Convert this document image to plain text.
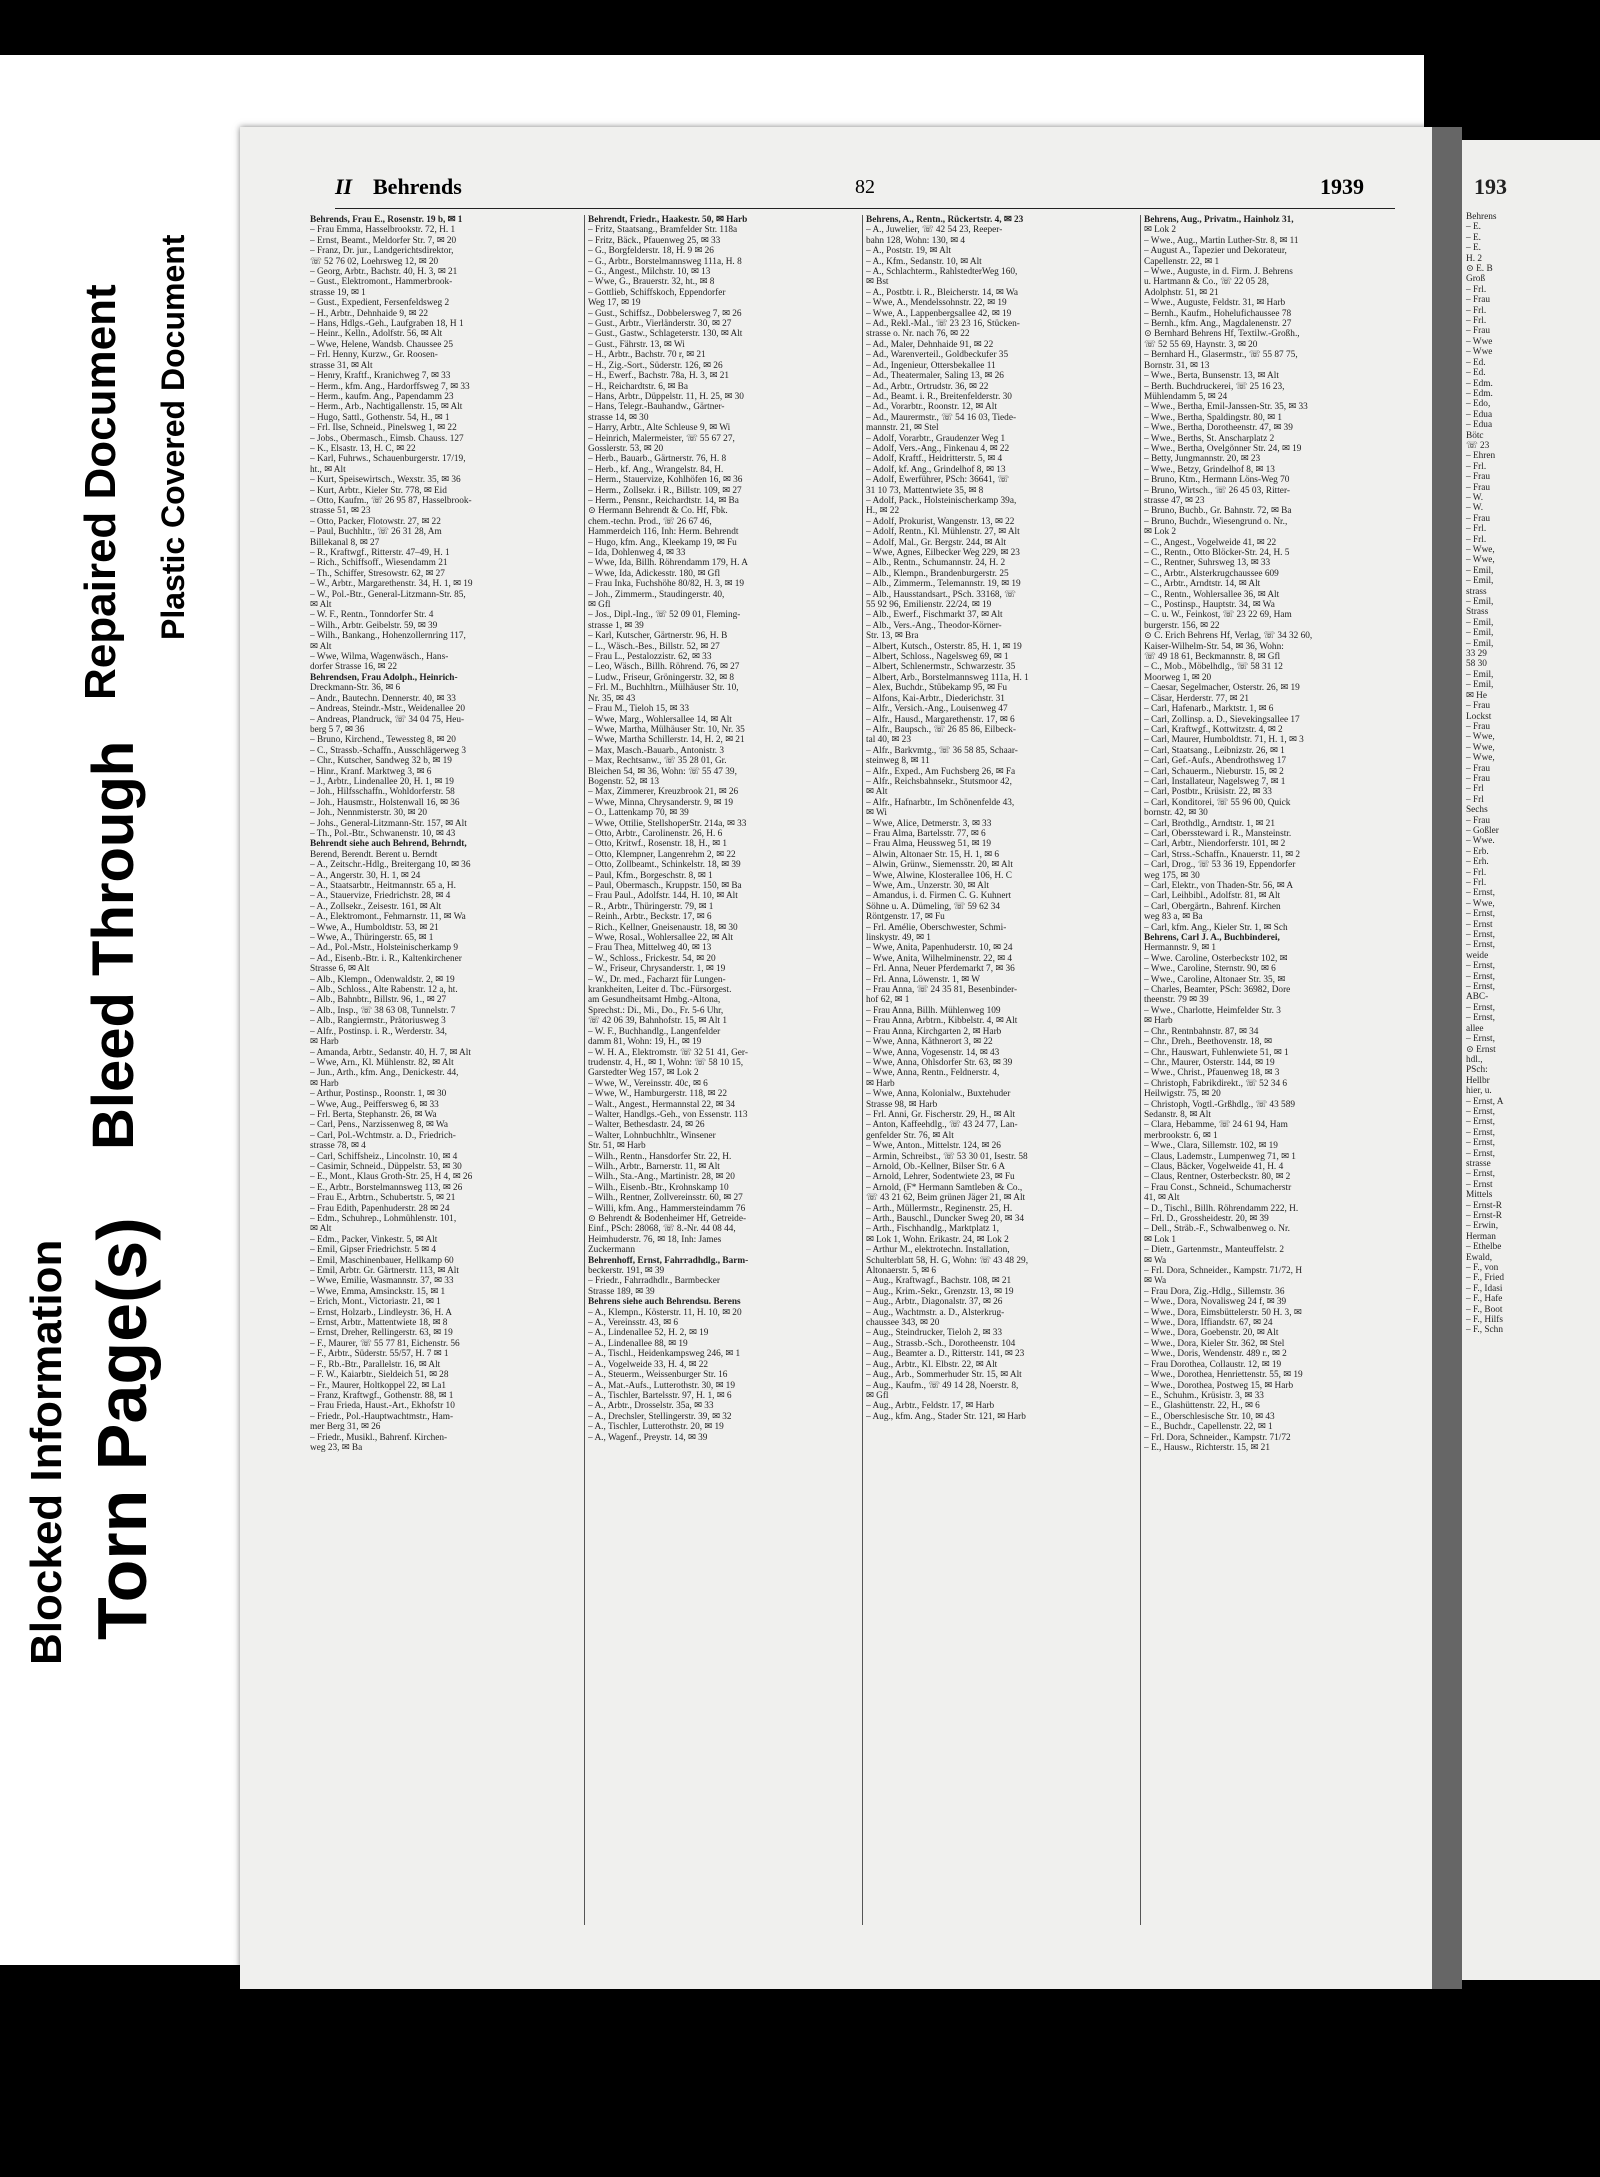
Blocked Information Torn Page(s)
Bleed Through
Repaired Document Plastic Covered Document
193
Behrens
– E.
– E.
– E.
H. 2
⊙ E. B
Groß
– Frl.
– Frau
– Frl.
– Frl.
– Frau
– Wwe
– Wwe
– Ed.
– Ed.
– Edm.
– Edm.
– Edo,
– Edua
– Edua
Bötc
☏ 23
– Ehren
– Frl.
– Frau
– Frau
– W.
– W.
– Frau
– Frl.
– Frl.
– Wwe,
– Wwe,
– Emil,
– Emil,
strass
– Emil,
Strass
– Emil,
– Emil,
– Emil,
33 29
58 30
– Emil,
– Emil,
✉ He
– Frau
Lockst
– Frau
– Wwe,
– Wwe,
– Wwe,
– Frau
– Frau
– Frl
– Frl
Sechs
– Frau
– Goßler
– Wwe.
– Erb.
– Erh.
– Frl.
– Frl.
– Ernst,
– Wwe,
– Ernst,
– Ernst
– Ernst,
– Ernst,
weide
– Ernst,
– Ernst,
– Ernst,
ABC-
– Ernst,
– Ernst,
allee
– Ernst,
⊙ Ernst
hdl.,
PSch:
Hellbr
hier, u.
– Ernst, A
– Ernst,
– Ernst,
– Ernst,
– Ernst,
– Ernst,
strasse
– Ernst,
– Ernst
Mittels
– Ernst-R
– Ernst-R
– Erwin,
Herman
– Ethelbe
Ewald,
– F., von
– F., Fried
– F., Idasi
– F., Hafe
– F., Boot
– F., Hilfs
– F., Schn
II Behrends	82	1939
Behrends, Frau E., Rosenstr. 19 b, ✉ 1
– Frau Emma, Hasselbrookstr. 72, H. 1
– Ernst, Beamt., Meldorfer Str. 7, ✉ 20
– Franz, Dr. jur., Landgerichtsdirektor,
☏ 52 76 02, Loehrsweg 12, ✉ 20
– Georg, Arbtr., Bachstr. 40, H. 3, ✉ 21
– Gust., Elektromont., Hammerbrook-
strasse 19, ✉ 1
– Gust., Expedient, Fersenfeldsweg 2
– H., Arbtr., Dehnhaide 9, ✉ 22
– Hans, Hdlgs.-Geh., Laufgraben 18, H 1
– Heinr., Kelln., Adolfstr. 56, ✉ Alt
– Wwe, Helene, Wandsb. Chaussee 25
– Frl. Henny, Kurzw., Gr. Roosen-
strasse 31, ✉ Alt
– Henry, Kraftf., Kranichweg 7, ✉ 33
– Herm., kfm. Ang., Hardorffsweg 7, ✉ 33
– Herm., kaufm. Ang., Papendamm 23
– Herm., Arb., Nachtigallenstr. 15, ✉ Alt
– Hugo, Sattl., Gothenstr. 54, H., ✉ 1
– Frl. Ilse, Schneid., Pinelsweg 1, ✉ 22
– Jobs., Obermasch., Eimsb. Chauss. 127
– K., Elsastr. 13, H. C, ✉ 22
– Karl, Fuhrws., Schauenburgerstr. 17/19,
ht., ✉ Alt
– Kurt, Speisewirtsch., Wexstr. 35, ✉ 36
– Kurt, Arbtr., Kieler Str. 778, ✉ Eid
– Otto, Kaufm., ☏ 26 95 87, Hasselbrook-
strasse 51, ✉ 23
– Otto, Packer, Flotowstr. 27, ✉ 22
– Paul, Buchhltr., ☏ 26 31 28, Am
Billekanal 8, ✉ 27
– R., Kraftwgf., Ritterstr. 47–49, H. 1
– Rich., Schiffsoff., Wiesendamm 21
– Th., Schiffer, Stresowstr. 62, ✉ 27
– W., Arbtr., Margarethenstr. 34, H. 1, ✉ 19
– W., Pol.-Btr., General-Litzmann-Str. 85,
✉ Alt
– W. F., Rentn., Tonndorfer Str. 4
– Wilh., Arbtr. Geibelstr. 59, ✉ 39
– Wilh., Bankang., Hohenzollernring 117,
✉ Alt
– Wwe, Wilma, Wagenwäsch., Hans-
dorfer Strasse 16, ✉ 22
Behrendsen, Frau Adolph., Heinrich-
Dreckmann-Str. 36, ✉ 6
– Andr., Bautechn. Dennerstr. 40, ✉ 33
– Andreas, Steindr.-Mstr., Weidenallee 20
– Andreas, Plandruck, ☏ 34 04 75, Heu-
berg 5 7, ✉ 36
– Bruno, Kirchend., Tewessteg 8, ✉ 20
– C., Strassb.-Schaffn., Ausschlägerweg 3
– Chr., Kutscher, Sandweg 32 b, ✉ 19
– Hinr., Kranf. Marktweg 3, ✉ 6
– J., Arbtr., Lindenallee 20, H. 1, ✉ 19
– Joh., Hilfsschaffn., Wohldorferstr. 58
– Joh., Hausmstr., Holstenwall 16, ✉ 36
– Joh., Nennmisterstr. 30, ✉ 20
– Johs., General-Litzmann-Str. 157, ✉ Alt
– Th., Pol.-Btr., Schwanenstr. 10, ✉ 43
Behrendt siehe auch Behrend, Behrndt,
Berend, Berendt. Berent u. Berndt
– A., Zeitschr.-Hdlg., Breitergang 10, ✉ 36
– A., Angerstr. 30, H. 1, ✉ 24
– A., Staatsarbtr., Heitmannstr. 65 a, H.
– A., Stauervize, Friedrichstr. 28, ✉ 4
– A., Zollsekr., Zeisestr. 161, ✉ Alt
– A., Elektromont., Fehmarnstr. 11, ✉ Wa
– Wwe, A., Humboldtstr. 53, ✉ 21
– Wwe, A., Thüringerstr. 65, ✉ 1
– Ad., Pol.-Mstr., Holsteinischerkamp 9
– Ad., Eisenb.-Btr. i. R., Kaltenkirchener
Strasse 6, ✉ Alt
– Alb., Klempn., Odenwaldstr. 2, ✉ 19
– Alb., Schloss., Alte Rabenstr. 12 a, ht.
– Alb., Bahnbtr., Billstr. 96, 1., ✉ 27
– Alb., Insp., ☏ 38 63 08, Tunnelstr. 7
– Alb., Rangiermstr., Prätoriusweg 3
– Alfr., Postinsp. i. R., Werderstr. 34,
✉ Harb
– Amanda, Arbtr., Sedanstr. 40, H. 7, ✉ Alt
– Wwe, Arn., Kl. Mühlenstr. 82, ✉ Alt
– Jun., Arth., kfm. Ang., Denickestr. 44,
✉ Harb
– Arthur, Postinsp., Roonstr. 1, ✉ 30
– Wwe, Aug., Peiffersweg 6, ✉ 33
– Frl. Berta, Stephanstr. 26, ✉ Wa
– Carl, Pens., Narzissenweg 8, ✉ Wa
– Carl, Pol.-Wchtmstr. a. D., Friedrich-
strasse 78, ✉ 4
– Carl, Schiffsheiz., Lincolnstr. 10, ✉ 4
– Casimir, Schneid., Düppelstr. 53, ✉ 30
– E., Mont., Klaus Groth-Str. 25, H 4, ✉ 26
– E., Arbtr., Borstelmannsweg 113, ✉ 26
– Frau E., Arbtrn., Schubertstr. 5, ✉ 21
– Frau Edith, Papenhuderstr. 28 ✉ 24
– Edm., Schuhrep., Lohmühlenstr. 101,
✉ Alt
– Edm., Packer, Vinkestr. 5, ✉ Alt
– Emil, Gipser Friedrichstr. 5 ✉ 4
– Emil, Maschinenbauer, Hellkamp 60
– Emil, Arbtr. Gr. Gärtnerstr. 113, ✉ Alt
– Wwe, Emilie, Wasmannstr. 37, ✉ 33
– Wwe, Emma, Amsinckstr. 15, ✉ 1
– Erich, Mont., Victoriastr. 21, ✉ 1
– Ernst, Holzarb., Lindleystr. 36, H. A
– Ernst, Arbtr., Mattentwiete 18, ✉ 8
– Ernst, Dreher, Rellingerstr. 63, ✉ 19
– F., Maurer, ☏ 55 77 81, Eichenstr. 56
– F., Arbtr., Süderstr. 55/57, H. 7 ✉ 1
– F., Rb.-Btr., Parallelstr. 16, ✉ Alt
– F. W., Kaiarbtr., Sieldeich 51, ✉ 28
– Fr., Maurer, Holtkoppel 22, ✉ La1
– Franz, Kraftwgf., Gothenstr. 88, ✉ 1
– Frau Frieda, Haust.-Art., Ekhofstr 10
– Friedr., Pol.-Hauptwachtmstr., Ham-
mer Berg 31, ✉ 26
– Friedr., Musikl., Bahrenf. Kirchen-
weg 23, ✉ Ba
Behrendt, Friedr., Haakestr. 50, ✉ Harb
– Fritz, Staatsang., Bramfelder Str. 118a
– Fritz, Bäck., Pfauenweg 25, ✉ 33
– G., Borgfelderstr. 18, H. 9 ✉ 26
– G., Arbtr., Borstelmannsweg 111a, H. 8
– G., Angest., Milchstr. 10, ✉ 13
– Wwe, G., Brauerstr. 32, ht., ✉ 8
– Gottlieb, Schiffskoch, Eppendorfer
Weg 17, ✉ 19
– Gust., Schiffsz., Dobbelersweg 7, ✉ 26
– Gust., Arbtr., Vierländerstr. 30, ✉ 27
– Gust., Gastw., Schlageterstr. 130, ✉ Alt
– Gust., Fährstr. 13, ✉ Wi
– H., Arbtr., Bachstr. 70 r, ✉ 21
– H., Zig.-Sort., Süderstr. 126, ✉ 26
– H., Ewerf., Bachstr. 78a, H. 3, ✉ 21
– H., Reichardtstr. 6, ✉ Ba
– Hans, Arbtr., Düppelstr. 11, H. 25, ✉ 30
– Hans, Telegr.-Bauhandw., Gärtner-
strasse 14, ✉ 30
– Harry, Arbtr., Alte Schleuse 9, ✉ Wi
– Heinrich, Malermeister, ☏ 55 67 27,
Gosslerstr. 53, ✉ 20
– Herb., Bauarb., Gärtnerstr. 76, H. 8
– Herb., kf. Ang., Wrangelstr. 84, H.
– Herm., Stauervize, Kohlhöfen 16, ✉ 36
– Herm., Zollsekr. i R., Billstr. 109, ✉ 27
– Herm., Pensnr., Reichardtstr. 14, ✉ Ba
⊙ Hermann Behrendt & Co. Hf, Fbk.
chem.-techn. Prod., ☏ 26 67 46,
Hammerdeich 116, Inh: Herm. Behrendt
– Hugo, kfm. Ang., Kleekamp 19, ✉ Fu
– Ida, Dohlenweg 4, ✉ 33
– Wwe, Ida, Billh. Röhrendamm 179, H. A
– Wwe, Ida, Adickesstr. 180, ✉ Gfl
– Frau Inka, Fuchshöhe 80/82, H. 3, ✉ 19
– Joh., Zimmerm., Staudingerstr. 40,
✉ Gfl
– Jos., Dipl.-Ing., ☏ 52 09 01, Fleming-
strasse 1, ✉ 39
– Karl, Kutscher, Gärtnerstr. 96, H. B
– L., Wäsch.-Bes., Billstr. 52, ✉ 27
– Frau L., Pestalozzistr. 62, ✉ 33
– Leo, Wäsch., Billh. Röhrend. 76, ✉ 27
– Ludw., Friseur, Gröningerstr. 32, ✉ 8
– Frl. M., Buchhltrn., Mülhäuser Str. 10,
Nr. 35, ✉ 43
– Frau M., Tieloh 15, ✉ 33
– Wwe, Marg., Wohlersallee 14, ✉ Alt
– Wwe, Martha, Mülhäuser Str. 10, Nr. 35
– Wwe, Martha Schillerstr. 14, H. 2, ✉ 21
– Max, Masch.-Bauarb., Antonistr. 3
– Max, Rechtsanw., ☏ 35 28 01, Gr.
Bleichen 54, ✉ 36, Wohn: ☏ 55 47 39,
Bogenstr. 52, ✉ 13
– Max, Zimmerer, Kreuzbrook 21, ✉ 26
– Wwe, Minna, Chrysanderstr. 9, ✉ 19
– O., Lattenkamp 70, ✉ 39
– Wwe, Ottilie, StellshoperStr. 214a, ✉ 33
– Otto, Arbtr., Carolinenstr. 26, H. 6
– Otto, Kritwf., Rosenstr. 18, H., ✉ 1
– Otto, Klempner, Langenrehm 2, ✉ 22
– Otto, Zollbeamt., Schinkelstr. 18, ✉ 39
– Paul, Kfm., Borgeschstr. 8, ✉ 1
– Paul, Obermasch., Kruppstr. 150, ✉ Ba
– Frau Paul., Adolfstr. 144, H. 10, ✉ Alt
– R., Arbtr., Thüringerstr. 79, ✉ 1
– Reinh., Arbtr., Beckstr. 17, ✉ 6
– Rich., Kellner, Gneisenaustr. 18, ✉ 30
– Wwe, Rosal., Wohlersallee 22, ✉ Alt
– Frau Thea, Mittelweg 40, ✉ 13
– W., Schloss., Frickestr. 54, ✉ 20
– W., Friseur, Chrysanderstr. 1, ✉ 19
– W., Dr. med., Facharzt für Lungen-
krankheiten, Leiter d. Tbc.-Fürsorgest.
am Gesundheitsamt Hmbg.-Altona,
Sprechst.: Di., Mi., Do., Fr. 5-6 Uhr,
☏ 42 06 39, Bahnhofstr. 15, ✉ Alt 1
– W. F., Buchhandlg., Langenfelder
damm 81, Wohn: 19, H., ✉ 19
– W. H. A., Elektromstr. ☏ 32 51 41, Ger-
trudenstr. 4, H., ✉ 1, Wohn: ☏ 58 10 15,
Garstedter Weg 157, ✉ Lok 2
– Wwe, W., Vereinsstr. 40c, ✉ 6
– Wwe, W., Hamburgerstr. 118, ✉ 22
– Walt., Angest., Hermannstal 22, ✉ 34
– Walter, Handlgs.-Geh., von Essenstr. 113
– Walter, Bethesdastr. 24, ✉ 26
– Walter, Lohnbuchhltr., Winsener
Str. 51, ✉ Harb
– Wilh., Rentn., Hansdorfer Str. 22, H.
– Wilh., Arbtr., Barnerstr. 11, ✉ Alt
– Wilh., Sta.-Ang., Martinistr. 28, ✉ 20
– Wilh., Eisenb.-Btr., Krohnskamp 10
– Wilh., Rentner, Zollvereinsstr. 60, ✉ 27
– Willi, kfm. Ang., Hammersteindamm 76
⊙ Behrendt & Bodenheimer Hf, Getreide-
Einf., PSch: 28068, ☏ 8.-Nr. 44 08 44,
Heimhuderstr. 76, ✉ 18, Inh: James
Zuckermann
Behrenhoff, Ernst, Fahrradhdlg., Barm-
beckerstr. 191, ✉ 39
– Friedr., Fahrradhdlr., Barmbecker
Strasse 189, ✉ 39
Behrens siehe auch Behrendsu. Berens
– A., Klempn., Kösterstr. 11, H. 10, ✉ 20
– A., Vereinsstr. 43, ✉ 6
– A., Lindenallee 52, H. 2, ✉ 19
– A., Lindenallee 88, ✉ 19
– A., Tischl., Heidenkampsweg 246, ✉ 1
– A., Vogelweide 33, H. 4, ✉ 22
– A., Steuerm., Weissenburger Str. 16
– A., Mat.-Aufs., Lutterothstr. 30, ✉ 19
– A., Tischler, Bartelsstr. 97, H. 1, ✉ 6
– A., Arbtr., Drosselstr. 35a, ✉ 33
– A., Drechsler, Stellingerstr. 39, ✉ 32
– A., Tischler, Lutterothstr. 20, ✉ 19
– A., Wagenf., Preystr. 14, ✉ 39
Behrens, A., Rentn., Rückertstr. 4, ✉ 23
– A., Juwelier, ☏ 42 54 23, Reeper-
bahn 128, Wohn: 130, ✉ 4
– A., Poststr. 19, ✉ Alt
– A., Kfm., Sedanstr. 10, ✉ Alt
– A., Schlachterm., RahlstedterWeg 160,
✉ Bst
– A., Postbtr. i. R., Bleicherstr. 14, ✉ Wa
– Wwe, A., Mendelssohnstr. 22, ✉ 19
– Wwe, A., Lappenbergsallee 42, ✉ 19
– Ad., Rekl.-Mal., ☏ 23 23 16, Stücken-
strasse o. Nr. nach 76, ✉ 22
– Ad., Maler, Dehnhaide 91, ✉ 22
– Ad., Warenverteil., Goldbeckufer 35
– Ad., Ingenieur, Ottersbekallee 11
– Ad., Theatermaler, Saling 13, ✉ 26
– Ad., Arbtr., Ortrudstr. 36, ✉ 22
– Ad., Beamt. i. R., Breitenfelderstr. 30
– Ad., Vorarbtr., Roonstr. 12, ✉ Alt
– Ad., Maurermstr., ☏ 54 16 03, Tiede-
mannstr. 21, ✉ Stel
– Adolf, Vorarbtr., Graudenzer Weg 1
– Adolf, Vers.-Ang., Finkenau 4, ✉ 22
– Adolf, Kraftf., Heidritterstr. 5, ✉ 4
– Adolf, kf. Ang., Grindelhof 8, ✉ 13
– Adolf, Ewerführer, PSch: 36641, ☏
31 10 73, Mattentwiete 35, ✉ 8
– Adolf, Pack., Holsteinischerkamp 39a,
H., ✉ 22
– Adolf, Prokurist, Wangenstr. 13, ✉ 22
– Adolf, Rentn., Kl. Mühlenstr. 27, ✉ Alt
– Adolf, Mal., Gr. Bergstr. 244, ✉ Alt
– Wwe, Agnes, Eilbecker Weg 229, ✉ 23
– Alb., Rentn., Schumannstr. 24, H. 2
– Alb., Klempn., Brandenburgerstr. 25
– Alb., Zimmerm., Telemannstr. 19, ✉ 19
– Alb., Hausstandsart., PSch. 33168, ☏
55 92 96, Emilienstr. 22/24, ✉ 19
– Alb., Ewerf., Fischmarkt 37, ✉ Alt
– Alb., Vers.-Ang., Theodor-Körner-
Str. 13, ✉ Bra
– Albert, Kutsch., Osterstr. 85, H. 1, ✉ 19
– Albert, Schloss., Nagelsweg 69, ✉ 1
– Albert, Schlenermstr., Schwarzestr. 35
– Albert, Arb., Borstelmannsweg 111a, H. 1
– Alex, Buchdr., Stübekamp 95, ✉ Fu
– Alfons, Kai-Arbtr., Diederichstr. 31
– Alfr., Versich.-Ang., Louisenweg 47
– Alfr., Hausd., Margarethenstr. 17, ✉ 6
– Alfr., Baupsch., ☏ 26 85 86, Eilbeck-
tal 40, ✉ 23
– Alfr., Barkvmtg., ☏ 36 58 85, Schaar-
steinweg 8, ✉ 11
– Alfr., Exped., Am Fuchsberg 26, ✉ Fa
– Alfr., Reichsbahnsekr., Stutsmoor 42,
✉ Alt
– Alfr., Hafnarbtr., Im Schönenfelde 43,
✉ Wi
– Wwe, Alice, Detmerstr. 3, ✉ 33
– Frau Alma, Bartelsstr. 77, ✉ 6
– Frau Alma, Heussweg 51, ✉ 19
– Alwin, Altonaer Str. 15, H. 1, ✉ 6
– Alwin, Grünw., Siemensstr. 20, ✉ Alt
– Wwe, Alwine, Klosterallee 106, H. C
– Wwe, Am., Unzerstr. 30, ✉ Alt
– Amandus, i. d. Firmen C. G. Kuhnert
Söhne u. A. Dümeling, ☏ 59 62 34
Röntgenstr. 17, ✉ Fu
– Frl. Amélie, Oberschwester, Schmi-
linskystr. 49, ✉ 1
– Wwe, Anita, Papenhuderstr. 10, ✉ 24
– Wwe, Anita, Wilhelminenstr. 22, ✉ 4
– Frl. Anna, Neuer Pferdemarkt 7, ✉ 36
– Frl. Anna, Löwenstr. 1, ✉ W
– Frau Anna, ☏ 24 35 81, Besenbinder-
hof 62, ✉ 1
– Frau Anna, Billh. Mühlenweg 109
– Frau Anna, Arbtrn., Kibbelstr. 4, ✉ Alt
– Frau Anna, Kirchgarten 2, ✉ Harb
– Wwe, Anna, Käthnerort 3, ✉ 22
– Wwe, Anna, Vogesenstr. 14, ✉ 43
– Wwe, Anna, Ohlsdorfer Str. 63, ✉ 39
– Wwe, Anna, Rentn., Feldnerstr. 4,
✉ Harb
– Wwe, Anna, Kolonialw., Buxtehuder
Strasse 98, ✉ Harb
– Frl. Anni, Gr. Fischerstr. 29, H., ✉ Alt
– Anton, Kaffeehdlg., ☏ 43 24 77, Lan-
genfelder Str. 76, ✉ Alt
– Wwe, Anton., Mittelstr. 124, ✉ 26
– Armin, Schreibst., ☏ 53 30 01, Isestr. 58
– Arnold, Ob.-Kellner, Bilser Str. 6 A
– Arnold, Lehrer, Sodentwiete 23, ✉ Fu
– Arnold, (F* Hermann Samtleben & Co.,
☏ 43 21 62, Beim grünen Jäger 21, ✉ Alt
– Arth., Müllermstr., Reginenstr. 25, H.
– Arth., Bauschl., Duncker Sweg 20, ✉ 34
– Arth., Fischhandlg., Marktplatz 1,
✉ Lok 1, Wohn. Erikastr. 24, ✉ Lok 2
– Arthur M., elektrotechn. Installation,
Schulterblatt 58, H. G, Wohn: ☏ 43 48 29,
Altonaerstr. 5, ✉ 6
– Aug., Kraftwagf., Bachstr. 108, ✉ 21
– Aug., Krim.-Sekr., Grenzstr. 13, ✉ 19
– Aug., Arbtr., Diagonalstr. 37, ✉ 26
– Aug., Wachtmstr. a. D., Alsterkrug-
chaussee 343, ✉ 20
– Aug., Steindrucker, Tieloh 2, ✉ 33
– Aug., Strassb.-Sch., Dorotheenstr. 104
– Aug., Beamter a. D., Ritterstr. 141, ✉ 23
– Aug., Arbtr., Kl. Elbstr. 22, ✉ Alt
– Aug., Arb., Sommerhuder Str. 15, ✉ Alt
– Aug., Kaufm., ☏ 49 14 28, Noerstr. 8,
✉ Gfl
– Aug., Arbtr., Feldstr. 17, ✉ Harb
– Aug., kfm. Ang., Stader Str. 121, ✉ Harb
Behrens, Aug., Privatm., Hainholz 31,
✉ Lok 2
– Wwe., Aug., Martin Luther-Str. 8, ✉ 11
– August A., Tapezier und Dekorateur,
Capellenstr. 22, ✉ 1
– Wwe., Auguste, in d. Firm. J. Behrens
u. Hartmann & Co., ☏ 22 05 28,
Adolphstr. 51, ✉ 21
– Wwe., Auguste, Feldstr. 31, ✉ Harb
– Bernh., Kaufm., Hohelufichaussee 78
– Bernh., kfm. Ang., Magdalenenstr. 27
⊙ Bernhard Behrens Hf, Textilw.-Großh.,
☏ 52 55 69, Haynstr. 3, ✉ 20
– Bernhard H., Glasermstr., ☏ 55 87 75,
Bornstr. 31, ✉ 13
– Wwe., Berta, Bunsenstr. 13, ✉ Alt
– Berth. Buchdruckerei, ☏ 25 16 23,
Mühlendamm 5, ✉ 24
– Wwe., Bertha, Emil-Janssen-Str. 35, ✉ 33
– Wwe., Bertha, Spaldingstr. 80, ✉ 1
– Wwe., Bertha, Dorotheenstr. 47, ✉ 39
– Wwe., Berths, St. Anscharplatz 2
– Wwe., Bertha, Ovelgönner Str. 24, ✉ 19
– Betty, Jungmannstr. 20, ✉ 23
– Wwe., Betzy, Grindelhof 8, ✉ 13
– Bruno, Ktm., Hermann Löns-Weg 70
– Bruno, Wirtsch., ☏ 26 45 03, Ritter-
strasse 47, ✉ 23
– Bruno, Buchb., Gr. Bahnstr. 72, ✉ Ba
– Bruno, Buchdr., Wiesengrund o. Nr.,
✉ Lok 2
– C., Angest., Vogelweide 41, ✉ 22
– C., Rentn., Otto Blöcker-Str. 24, H. 5
– C., Rentner, Suhrsweg 13, ✉ 33
– C., Arbtr., Alsterkrugchaussee 609
– C., Arbtr., Arndtstr. 14, ✉ Alt
– C., Rentn., Wohlersallee 36, ✉ Alt
– C., Postinsp., Hauptstr. 34, ✉ Wa
– C. u. W., Feinkost, ☏ 23 22 69, Ham
burgerstr. 156, ✉ 22
⊙ C. Erich Behrens Hf, Verlag, ☏ 34 32 60,
Kaiser-Wilhelm-Str. 54, ✉ 36, Wohn:
☏ 49 18 61, Beckmannstr. 8, ✉ Gfl
– C., Mob., Möbelhdlg., ☏ 58 31 12
Moorweg 1, ✉ 20
– Caesar, Segelmacher, Osterstr. 26, ✉ 19
– Cäsar, Herderstr. 77, ✉ 21
– Carl, Hafenarb., Marktstr. 1, ✉ 6
– Carl, Zollinsp. a. D., Sievekingsallee 17
– Carl, Kraftwgf., Kottwitzstr. 4, ✉ 2
– Carl, Maurer, Humboldtstr. 71, H. 1, ✉ 3
– Carl, Staatsang., Leibnizstr. 26, ✉ 1
– Carl, Gef.-Aufs., Abendrothsweg 17
– Carl, Schauerm., Nieburstr. 15, ✉ 2
– Carl, Installateur, Nagelsweg 7, ✉ 1
– Carl, Postbtr., Krüsistr. 22, ✉ 33
– Carl, Konditorei, ☏ 55 96 00, Quick
bornstr. 42, ✉ 30
– Carl, Brothdlg., Arndtstr. 1, ✉ 21
– Carl, Oberssteward i. R., Mansteinstr.
– Carl, Arbtr., Niendorferstr. 101, ✉ 2
– Carl, Strss.-Schaffn., Knauerstr. 11, ✉ 2
– Carl, Drog., ☏ 53 36 19, Eppendorfer
weg 175, ✉ 30
– Carl, Elektr., von Thaden-Str. 56, ✉ A
– Carl, Leihbibl., Adolfstr. 81, ✉ Alt
– Carl, Obergärtn., Bahrenf. Kirchen
weg 83 a, ✉ Ba
– Carl, kfm. Ang., Kieler Str. 1, ✉ Sch
Behrens, Carl J. A., Buchbinderei,
Hermannstr. 9, ✉ 1
– Wwe. Caroline, Osterbeckstr 102, ✉
– Wwe., Caroline, Sternstr. 90, ✉ 6
– Wwe., Caroline, Altonaer Str. 35, ✉
– Charles, Beamter, PSch: 36982, Dore
theenstr. 79 ✉ 39
– Wwe., Charlotte, Heimfelder Str. 3
✉ Harb
– Chr., Rentnbahnstr. 87, ✉ 34
– Chr., Dreh., Beethovenstr. 18, ✉
– Chr., Hauswart, Fuhlenwiete 51, ✉ 1
– Chr., Maurer, Osterstr. 144, ✉ 19
– Wwe., Christ., Pfauenweg 18, ✉ 3
– Christoph, Fabrikdirekt., ☏ 52 34 6
Heilwigstr. 75, ✉ 20
– Christoph, Vogtl.-Grßhdlg., ☏ 43 589
Sedanstr. 8, ✉ Alt
– Clara, Hebamme, ☏ 24 61 94, Ham
merbrookstr. 6, ✉ 1
– Wwe., Clara, Sillemstr. 102, ✉ 19
– Claus, Lademstr., Lumpenweg 71, ✉ 1
– Claus, Bäcker, Vogelweide 41, H. 4
– Claus, Rentner, Osterbeckstr. 80, ✉ 2
– Frau Const., Schneid., Schumacherstr
41, ✉ Alt
– D., Tischl., Billh. Röhrendamm 222, H.
– Frl. D., Grossheidestr. 20, ✉ 39
– Dell., Sträb.-F., Schwalbenweg o. Nr.
✉ Lok 1
– Dietr., Gartenmstr., Manteuffelstr. 2
✉ Wa
– Frl. Dora, Schneider., Kampstr. 71/72, H
✉ Wa
– Frau Dora, Zig.-Hdlg., Sillemstr. 36
– Wwe., Dora, Novalisweg 24 f, ✉ 39
– Wwe., Dora, Eimsbüttelerstr. 50 H. 3, ✉
– Wwe., Dora, Iffiandstr. 67, ✉ 24
– Wwe., Dora, Goebenstr. 20, ✉ Alt
– Wwe., Dora, Kieler Str. 362, ✉ Stel
– Wwe., Doris, Wendenstr. 489 r., ✉ 2
– Frau Dorothea, Collaustr. 12, ✉ 19
– Wwe., Dorothea, Henriettenstr. 55, ✉ 19
– Wwe., Dorothea, Postweg 15, ✉ Harb
– E., Schuhm., Krüsistr. 3, ✉ 33
– E., Glashüttenstr. 22, H., ✉ 6
– E., Oberschlesische Str. 10, ✉ 43
– E., Buchdr., Capellenstr. 22, ✉ 1
– Frl. Dora, Schneider., Kampstr. 71/72
– E., Hausw., Richterstr. 15, ✉ 21
